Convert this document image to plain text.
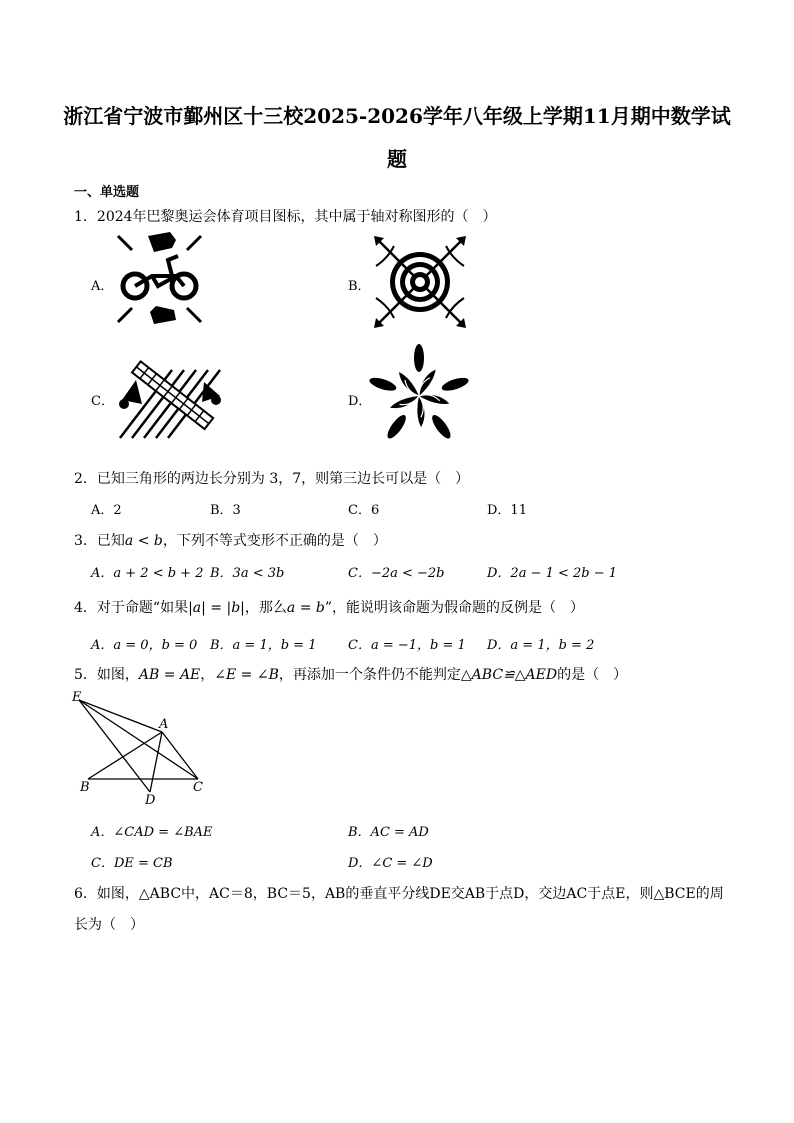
浙江省宁波市鄞州区十三校2025-2026学年八年级上学期11月期中数学试
题
一、单选题
1．2024年巴黎奥运会体育项目图标，其中属于轴对称图形的（　）
A．	B．
C．	D．
2．已知三角形的两边长分别为 3，7，则第三边长可以是（　）
A．2	B．3	C．6	D．11
3．已知a < b，下列不等式变形不正确的是（　）
A．a + 2 < b + 2 B．3a < 3b	C．−2a < −2b	D．2a − 1 < 2b − 1
4．对于命题“如果|a| = |b|，那么a = b”，能说明该命题为假命题的反例是（　）
A．a = 0，b = 0 B．a = 1，b = 1 C．a = −1，b = 1 D．a = 1，b = 2
5．如图，AB = AE，∠E = ∠B，再添加一个条件仍不能判定△ABC≌△AED的是（　）
E
A
B
D
C
A．∠CAD = ∠BAE	B．AC = AD
C．DE = CB	D．∠C = ∠D
6．如图，△ABC中，AC＝8，BC＝5，AB的垂直平分线DE交AB于点D，交边AC于点E，则△BCE的周
长为（　）
